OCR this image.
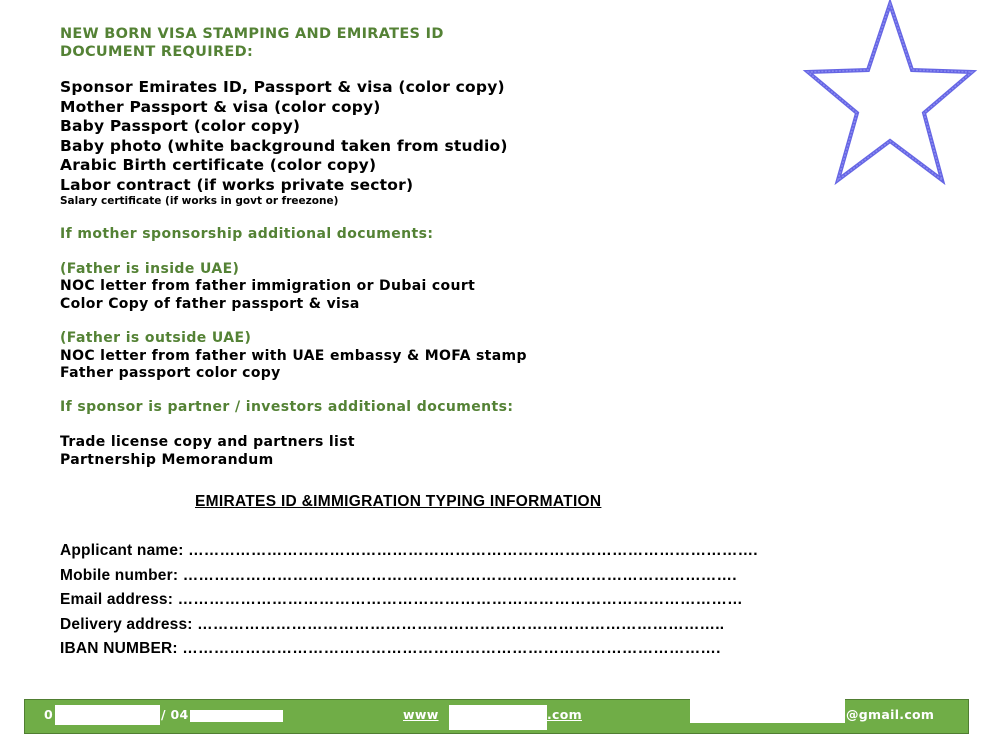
NEW BORN VISA STAMPING AND EMIRATES ID
DOCUMENT REQUIRED:
Sponsor Emirates ID, Passport & visa (color copy)
Mother Passport & visa (color copy)
Baby Passport (color copy)
Baby photo (white background taken from studio)
Arabic Birth certificate (color copy)
Labor contract (if works private sector)
Salary certificate (if works in govt or freezone)
If mother sponsorship additional documents:
(Father is inside UAE)
NOC letter from father immigration or Dubai court
Color Copy of father passport & visa
(Father is outside UAE)
NOC letter from father with UAE embassy & MOFA stamp
Father passport color copy
If sponsor is partner / investors additional documents:
Trade license copy and partners list
Partnership Memorandum
EMIRATES ID &IMMIGRATION TYPING INFORMATION
Applicant name: ……………………………………………………………………………………………….
Mobile number: …………………………………………………………………………………………….
Email address: ………………………………………………………………………………………………
Delivery address: ………………………………………………………………………………………..
IBAN NUMBER: ………………………………………………………………………………………….
0	/ 04	www	.com	@gmail.com
